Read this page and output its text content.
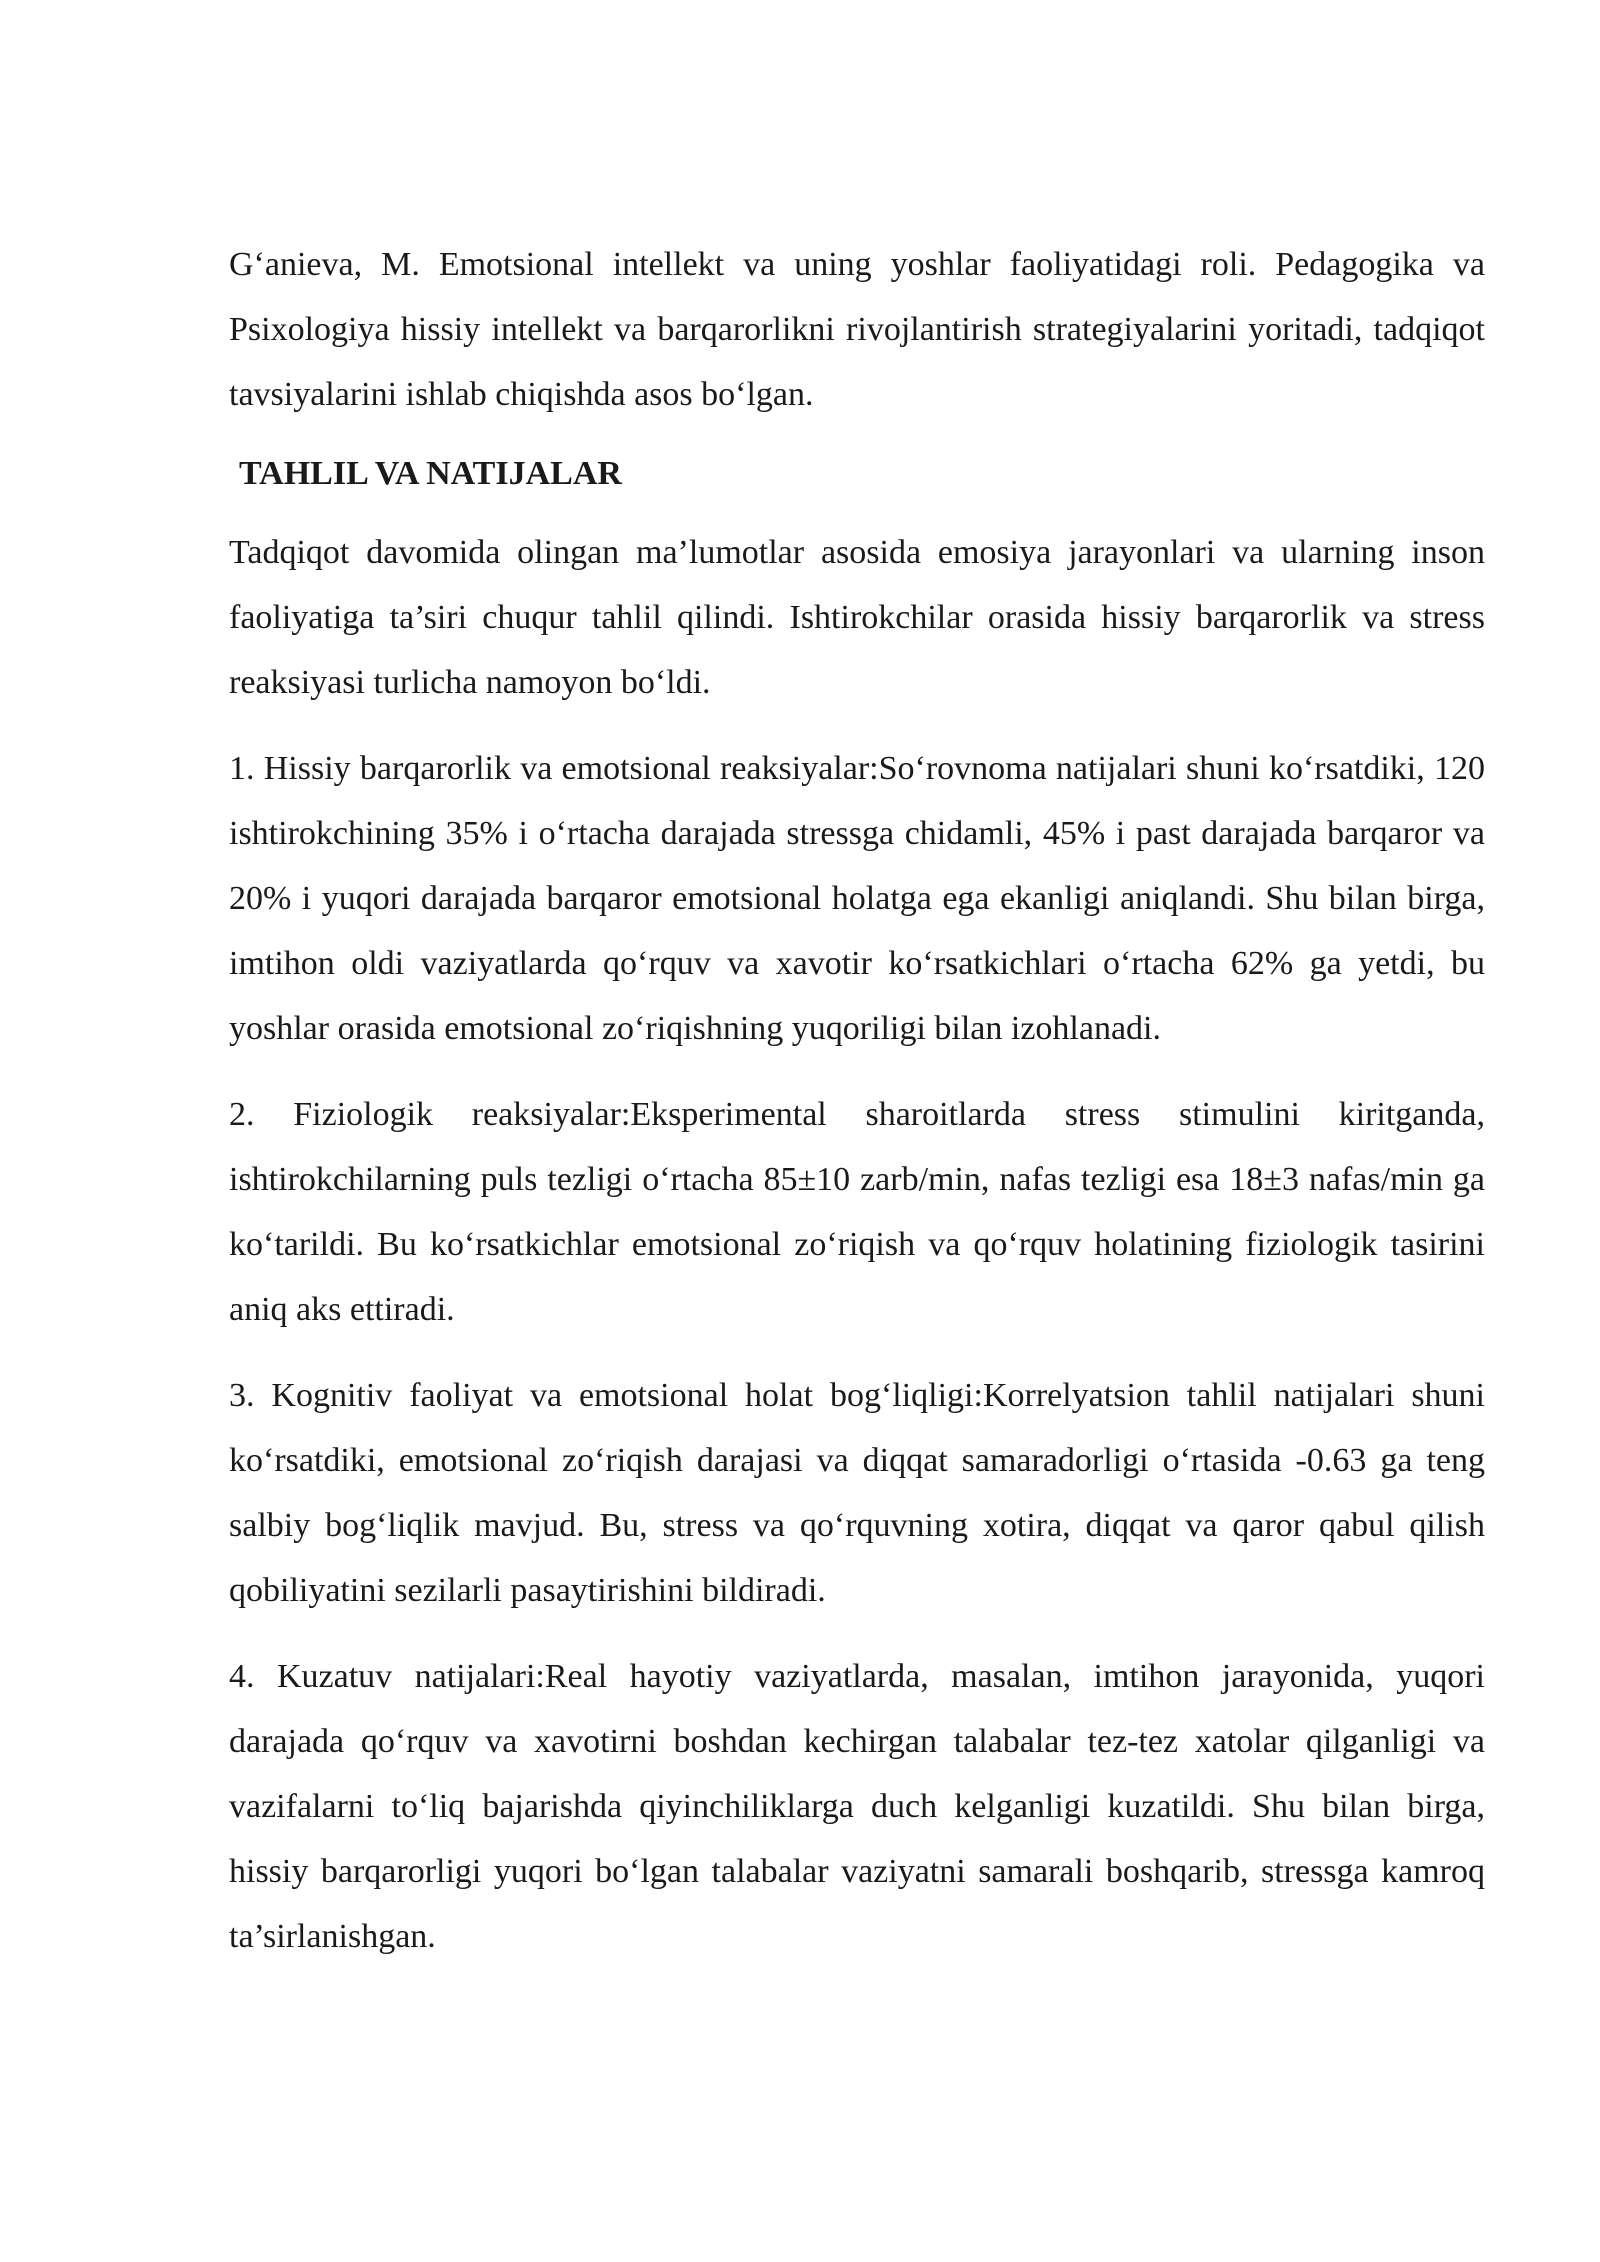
G‘anieva, M. Emotsional intellekt va uning yoshlar faoliyatidagi roli. Pedagogika va Psixologiya hissiy intellekt va barqarorlikni rivojlantirish strategiyalarini yoritadi, tadqiqot tavsiyalarini ishlab chiqishda asos bo‘lgan.

TAHLIL VA NATIJALAR

Tadqiqot davomida olingan ma’lumotlar asosida emosiya jarayonlari va ularning inson faoliyatiga ta’siri chuqur tahlil qilindi. Ishtirokchilar orasida hissiy barqarorlik va stress reaksiyasi turlicha namoyon bo‘ldi.

1. Hissiy barqarorlik va emotsional reaksiyalar:So‘rovnoma natijalari shuni ko‘rsatdiki, 120 ishtirokchining 35% i o‘rtacha darajada stressga chidamli, 45% i past darajada barqaror va 20% i yuqori darajada barqaror emotsional holatga ega ekanligi aniqlandi. Shu bilan birga, imtihon oldi vaziyatlarda qo‘rquv va xavotir ko‘rsatkichlari o‘rtacha 62% ga yetdi, bu yoshlar orasida emotsional zo‘riqishning yuqoriligi bilan izohlanadi.

2. Fiziologik reaksiyalar:Eksperimental sharoitlarda stress stimulini kiritganda, ishtirokchilarning puls tezligi o‘rtacha 85±10 zarb/min, nafas tezligi esa 18±3 nafas/min ga ko‘tarildi. Bu ko‘rsatkichlar emotsional zo‘riqish va qo‘rquv holatining fiziologik tasirini aniq aks ettiradi.

3. Kognitiv faoliyat va emotsional holat bog‘liqligi:Korrelyatsion tahlil natijalari shuni ko‘rsatdiki, emotsional zo‘riqish darajasi va diqqat samaradorligi o‘rtasida -0.63 ga teng salbiy bog‘liqlik mavjud. Bu, stress va qo‘rquvning xotira, diqqat va qaror qabul qilish qobiliyatini sezilarli pasaytirishini bildiradi.

4. Kuzatuv natijalari:Real hayotiy vaziyatlarda, masalan, imtihon jarayonida, yuqori darajada qo‘rquv va xavotirni boshdan kechirgan talabalar tez-tez xatolar qilganligi va vazifalarni to‘liq bajarishda qiyinchiliklarga duch kelganligi kuzatildi. Shu bilan birga, hissiy barqarorligi yuqori bo‘lgan talabalar vaziyatni samarali boshqarib, stressga kamroq ta’sirlanishgan.
